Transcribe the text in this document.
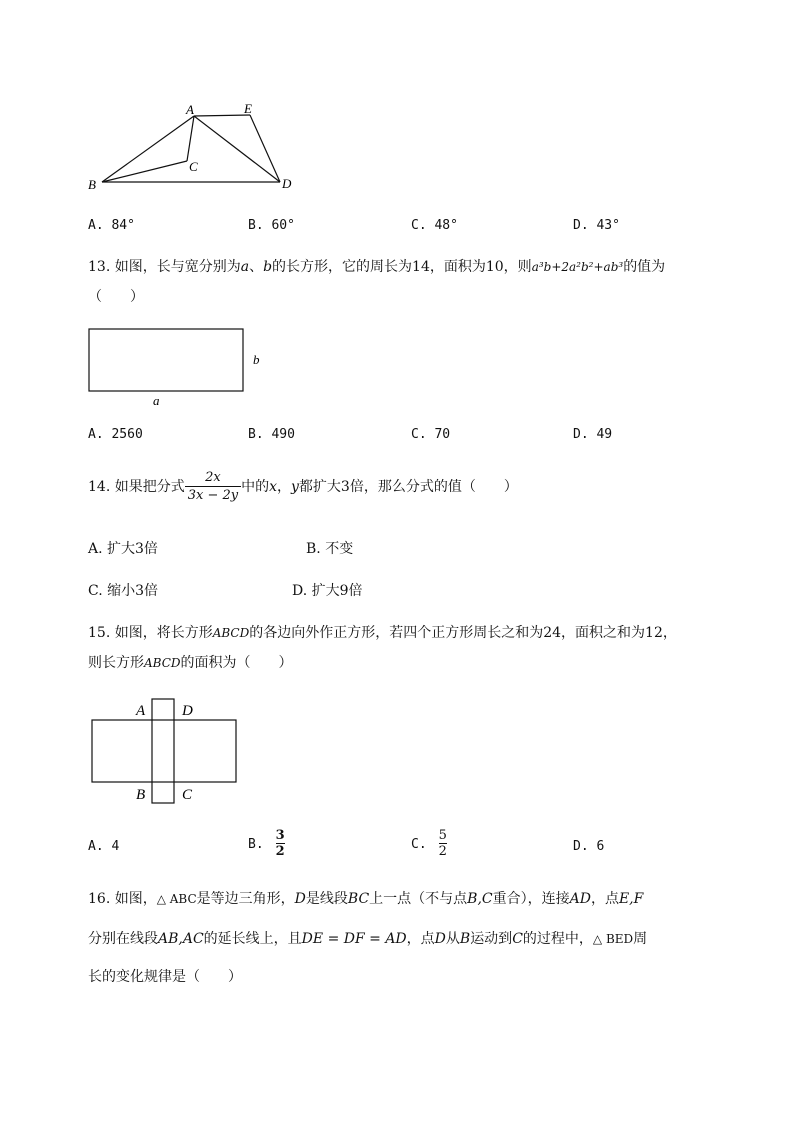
A	E
C
B	D
A. 84°	B. 60°	C. 48°	D. 43°
13. 如图，长与宽分别为a、b的长方形，它的周长为14，面积为10，则a³b+2a²b²+ab³的值为
（　　）
b
a
A. 2560	B. 490	C. 70	D. 49
14. 如果把分式 $\frac{2x}{3x - 2y}$ 中的 x ， y 都扩大3倍，那么分式的值（　　）
A. 扩大3倍	B. 不变
C. 缩小3倍	D. 扩大9倍
15. 如图，将长方形ABCD的各边向外作正方形，若四个正方形周长之和为24，面积之和为12，
则长方形ABCD的面积为（　　）
A D
B C
A. 4	B. $\frac{3}{2}$	C. $\frac{5}{2}$	D. 6
16. 如图，△ ABC是等边三角形，D是线段BC上一点（不与点B,C重合），连接AD，点E,F
分别在线段AB,AC的延长线上，且DE = DF = AD，点D从B运动到C的过程中，△ BED周
长的变化规律是（　　）
